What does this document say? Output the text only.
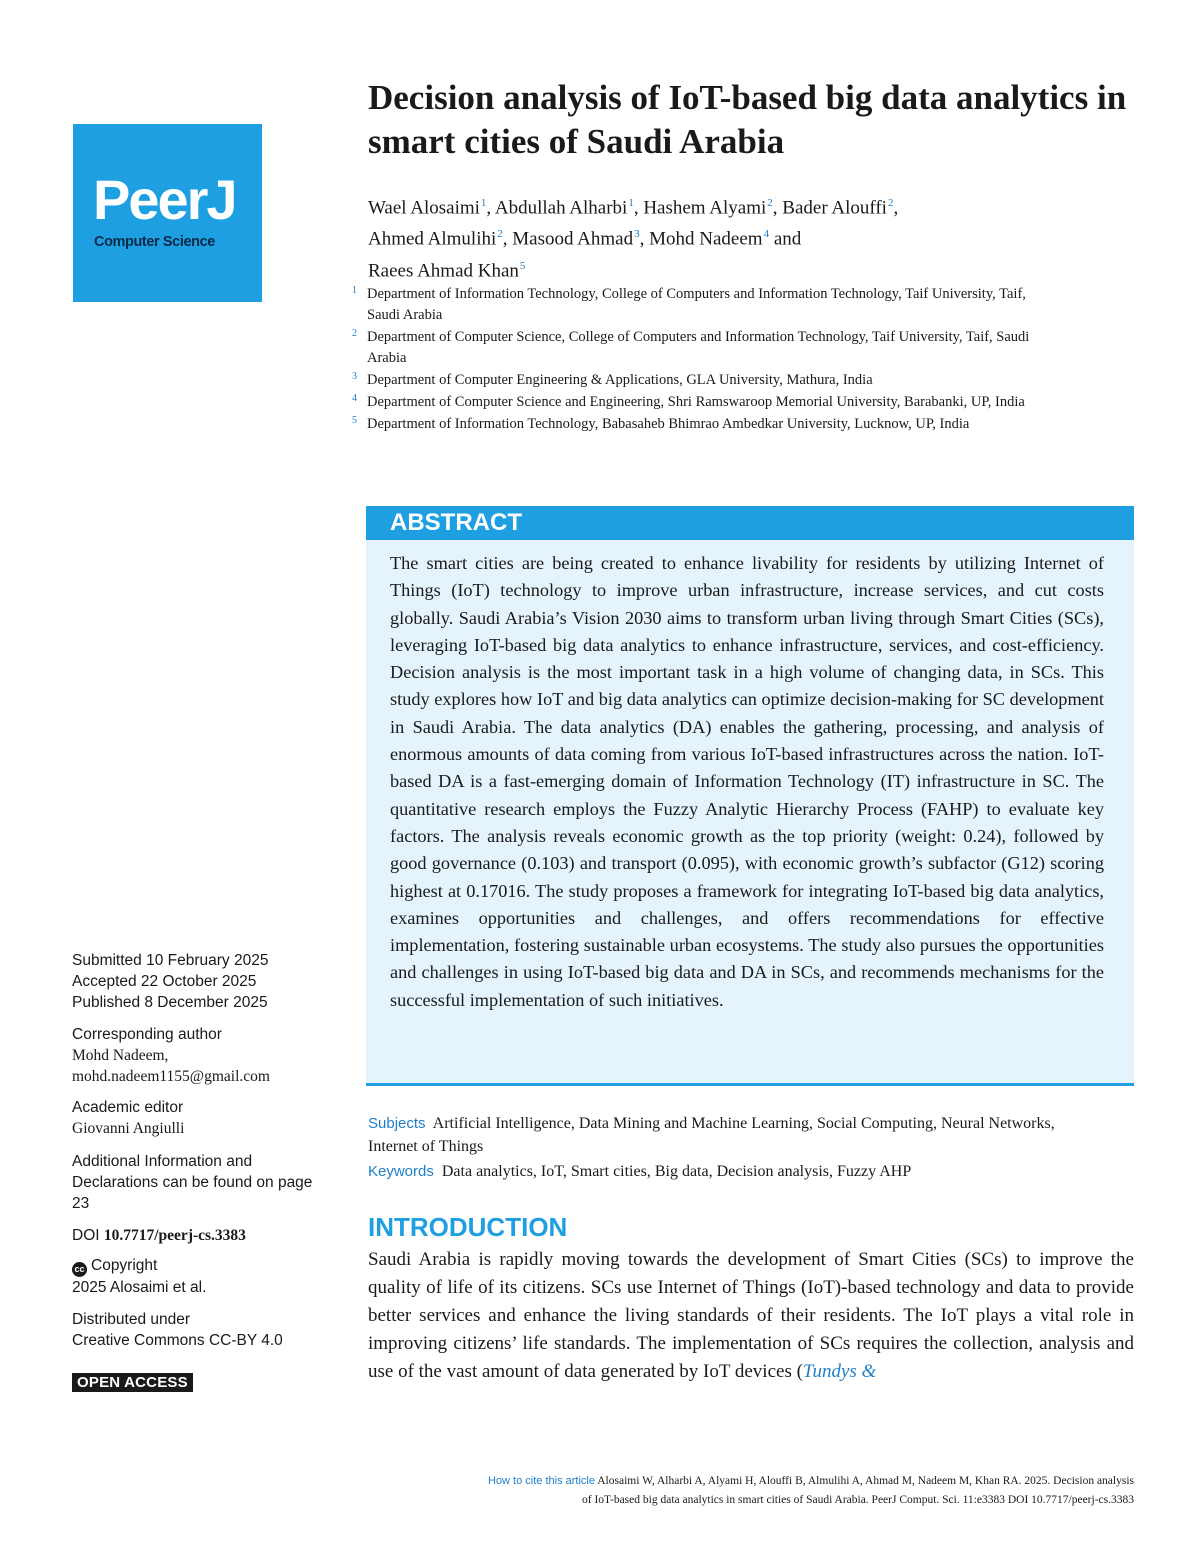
PeerJ
Computer Science
Decision analysis of IoT-based big data analytics in smart cities of Saudi Arabia
Wael Alosaimi$^1$, Abdullah Alharbi$^1$, Hashem Alyami$^2$, Bader Alouffi$^2$,
Ahmed Almulihi$^2$, Masood Ahmad$^3$, Mohd Nadeem$^4$ and
Raees Ahmad Khan$^5$
1 Department of Information Technology, College of Computers and Information Technology, Taif University, Taif, Saudi Arabia
2 Department of Computer Science, College of Computers and Information Technology, Taif University, Taif, Saudi Arabia
3 Department of Computer Engineering & Applications, GLA University, Mathura, India
4 Department of Computer Science and Engineering, Shri Ramswaroop Memorial University, Barabanki, UP, India
5 Department of Information Technology, Babasaheb Bhimrao Ambedkar University, Lucknow, UP, India
ABSTRACT

The smart cities are being created to enhance livability for residents by utilizing Internet of Things (IoT) technology to improve urban infrastructure, increase services, and cut costs globally. Saudi Arabia’s Vision 2030 aims to transform urban living through Smart Cities (SCs), leveraging IoT-based big data analytics to enhance infrastructure, services, and cost-efficiency. Decision analysis is the most important task in a high volume of changing data, in SCs. This study explores how IoT and big data analytics can optimize decision-making for SC development in Saudi Arabia. The data analytics (DA) enables the gathering, processing, and analysis of enormous amounts of data coming from various IoT-based infrastructures across the nation. IoT-based DA is a fast-emerging domain of Information Technology (IT) infrastructure in SC. The quantitative research employs the Fuzzy Analytic Hierarchy Process (FAHP) to evaluate key factors. The analysis reveals economic growth as the top priority (weight: 0.24), followed by good governance (0.103) and transport (0.095), with economic growth’s subfactor (G12) scoring highest at 0.17016. The study proposes a framework for integrating IoT-based big data analytics, examines opportunities and challenges, and offers recommendations for effective implementation, fostering sustainable urban ecosystems. The study also pursues the opportunities and challenges in using IoT-based big data and DA in SCs, and recommends mechanisms for the successful implementation of such initiatives.

Subjects Artificial Intelligence, Data Mining and Machine Learning, Social Computing, Neural Networks, Internet of Things
Keywords Data analytics, IoT, Smart cities, Big data, Decision analysis, Fuzzy AHP
INTRODUCTION

Saudi Arabia is rapidly moving towards the development of Smart Cities (SCs) to improve the quality of life of its citizens. SCs use Internet of Things (IoT)-based technology and data to provide better services and enhance the living standards of their residents. The IoT plays a vital role in improving citizens’ life standards. The implementation of SCs requires the collection, analysis and use of the vast amount of data generated by IoT devices (Tundys &

Submitted 10 February 2025
Accepted 22 October 2025
Published 8 December 2025
Corresponding author
Mohd Nadeem,
mohd.nadeem1155@gmail.com
Academic editor
Giovanni Angiulli
Additional Information and Declarations can be found on page 23
DOI 10.7717/peerj-cs.3383
cc Copyright
2025 Alosaimi et al.
Distributed under
Creative Commons CC-BY 4.0
OPEN ACCESS
How to cite this article Alosaimi W, Alharbi A, Alyami H, Alouffi B, Almulihi A, Ahmad M, Nadeem M, Khan RA. 2025. Decision analysis
of IoT-based big data analytics in smart cities of Saudi Arabia. PeerJ Comput. Sci. 11:e3383 DOI 10.7717/peerj-cs.3383
